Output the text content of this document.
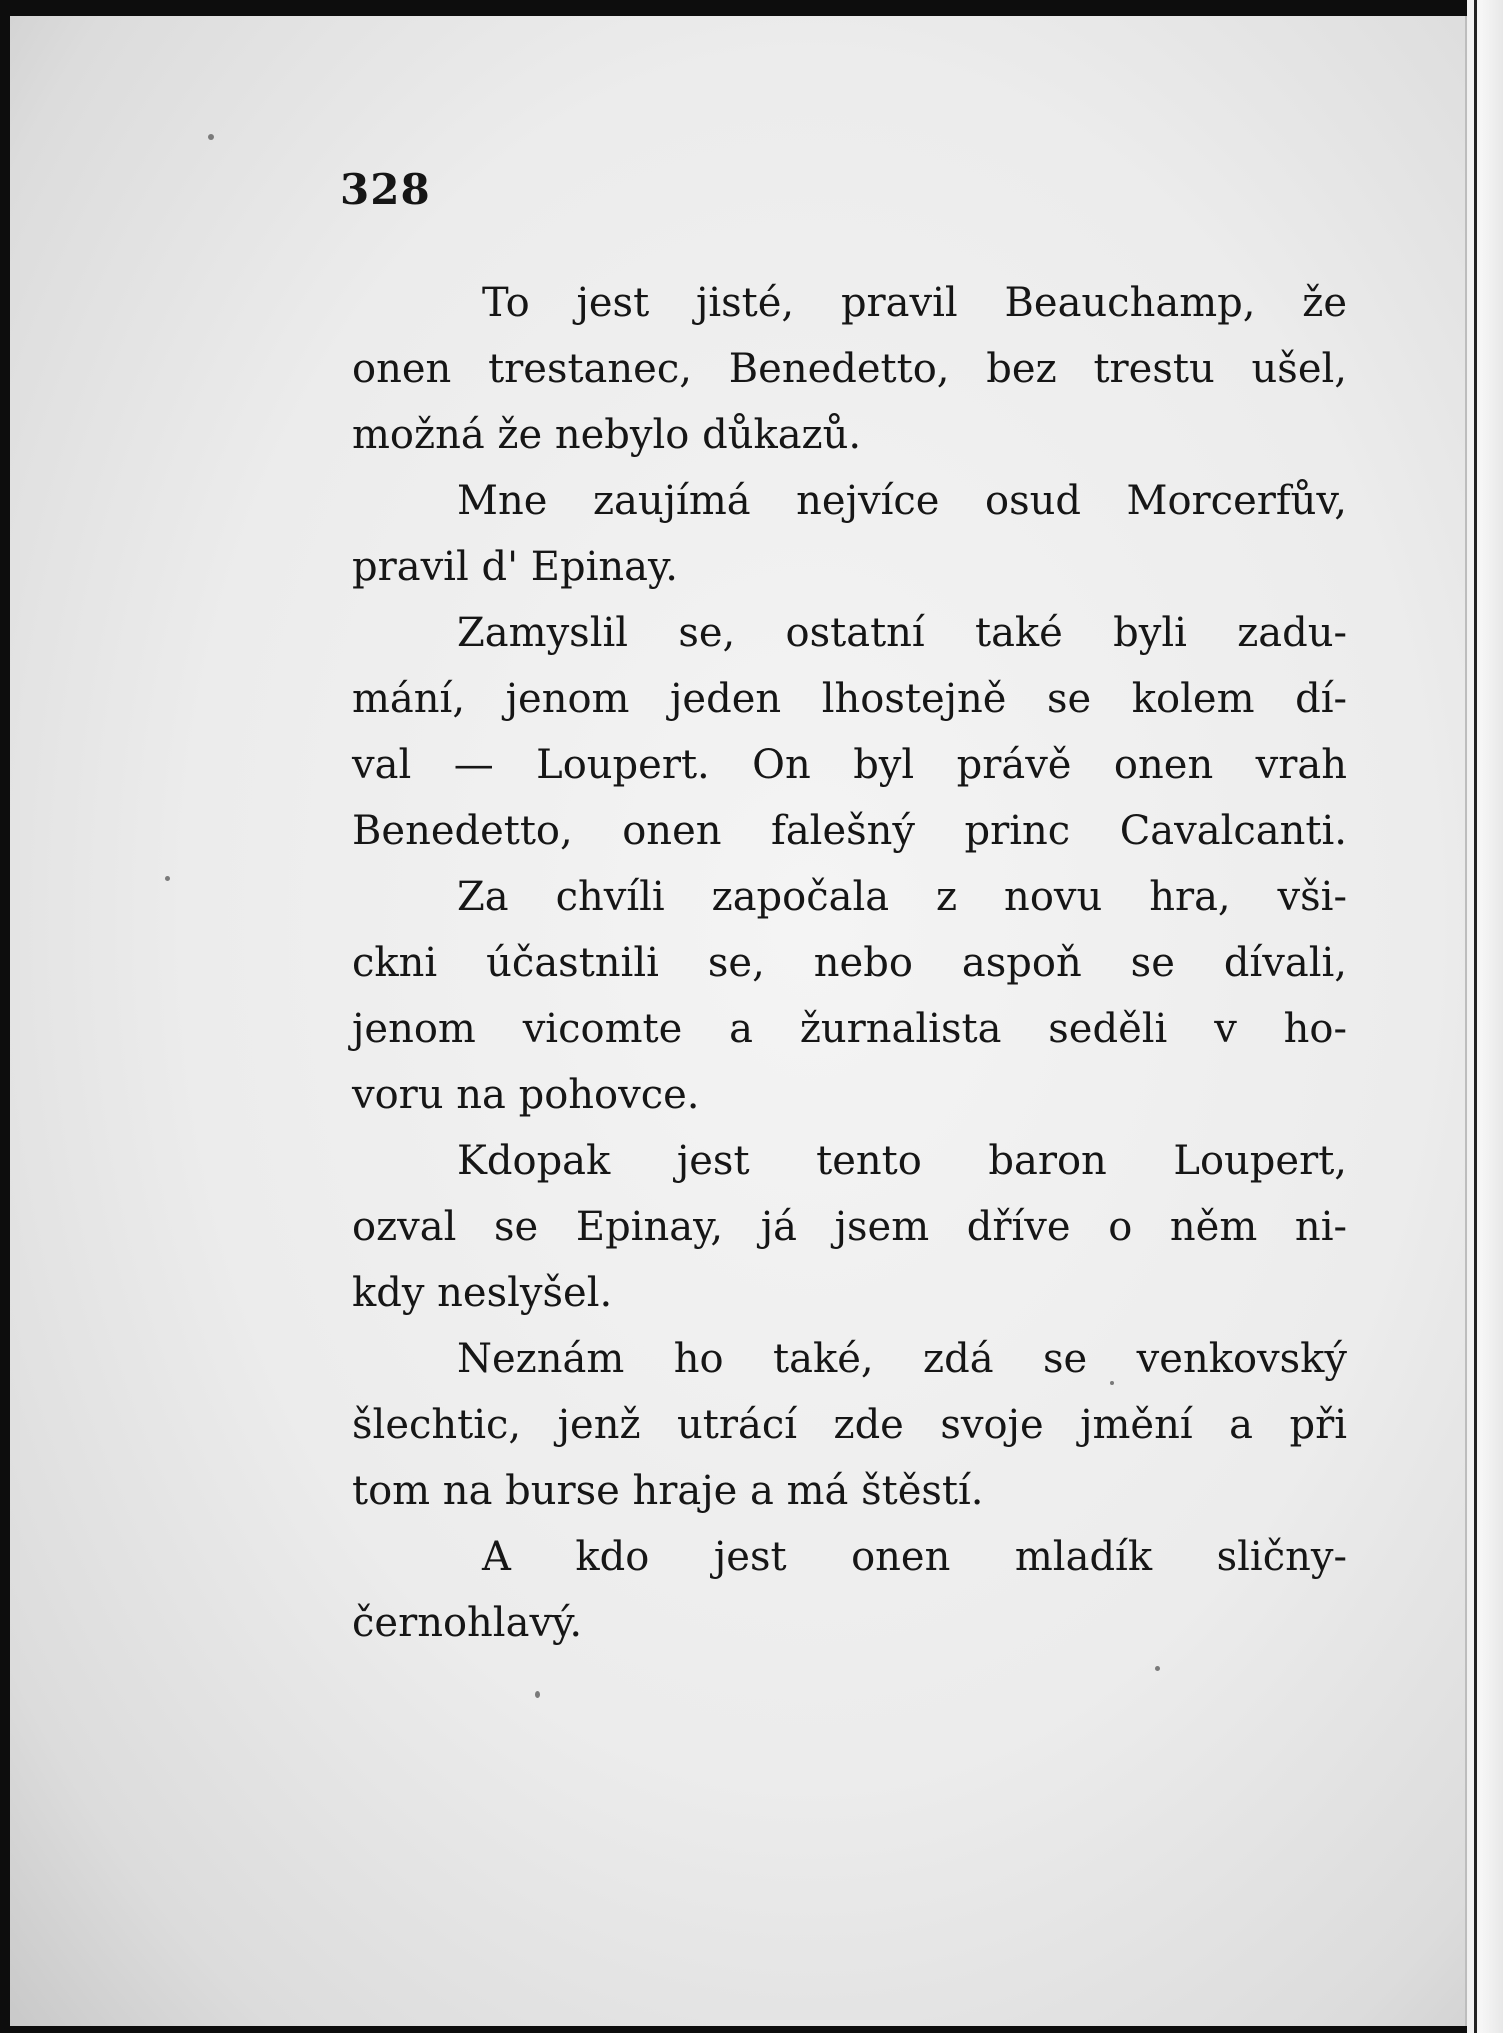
328
To jest jisté, pravil Beauchamp, že
onen trestanec, Benedetto, bez trestu ušel,
možná že nebylo důkazů.
Mne zaujímá nejvíce osud Morcerfův,
pravil d' Epinay.
Zamyslil se, ostatní také byli zadu-
mání, jenom jeden lhostejně se kolem dí-
val — Loupert. On byl právě onen vrah
Benedetto, onen falešný princ Cavalcanti.
Za chvíli započala z novu hra, vši-
ckni účastnili se, nebo aspoň se dívali,
jenom vicomte a žurnalista seděli v ho-
voru na pohovce.
Kdopak jest tento baron Loupert,
ozval se Epinay, já jsem dříve o něm ni-
kdy neslyšel.
Neznám ho také, zdá se venkovský
šlechtic, jenž utrácí zde svoje jmění a při
tom na burse hraje a má štěstí.
A kdo jest onen mladík sličny-
černohlavý.
